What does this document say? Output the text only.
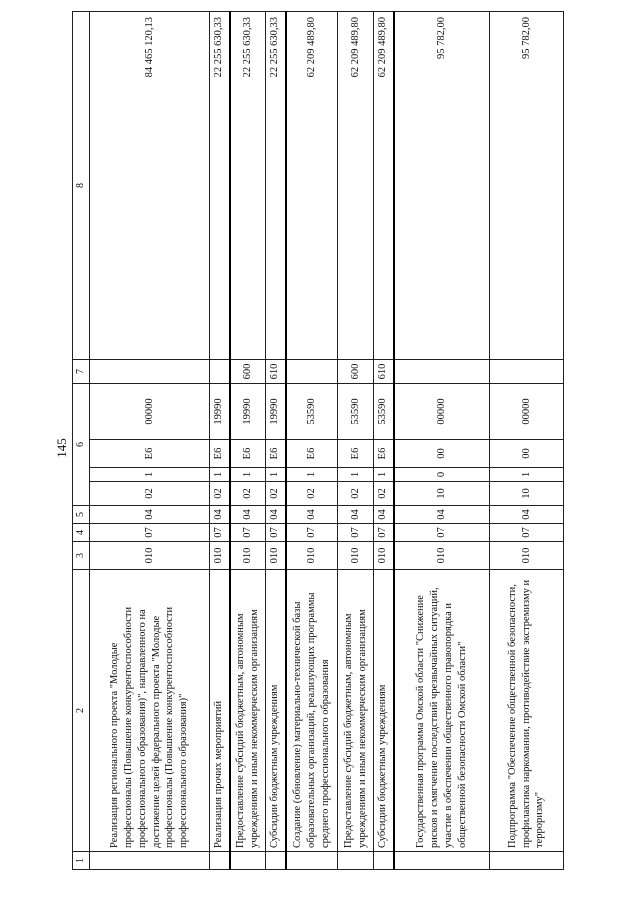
145
1	2	3	4	5	6				7	8
	Реализация регионального проекта "Молодые профессионалы (Повышение конкурентоспособности профессионального образования)", направленного на достижение целей федерального проекта "Молодые профессионалы (Повышение конкурентоспособности профессионального образования)"	010	07	04	02	1	Е6	00000		84 465 120,13
	Реализация прочих мероприятий	010	07	04	02	1	Е6	19990		22 255 630,33
	Предоставление субсидий бюджетным, автономным учреждениям и иным некоммерческим организациям	010	07	04	02	1	Е6	19990	600	22 255 630,33
	Субсидии бюджетным учреждениям	010	07	04	02	1	Е6	19990	610	22 255 630,33
	Создание (обновление) материально-технической базы образовательных организаций, реализующих программы среднего профессионального образования	010	07	04	02	1	Е6	53590		62 209 489,80
	Предоставление субсидий бюджетным, автономным учреждениям и иным некоммерческим организациям	010	07	04	02	1	Е6	53590	600	62 209 489,80
	Субсидии бюджетным учреждениям	010	07	04	02	1	Е6	53590	610	62 209 489,80
	Государственная программа Омской области "Снижение рисков и смягчение последствий чрезвычайных ситуаций, участие в обеспечении общественного правопорядка и общественной безопасности Омской области"	010	07	04	10	0	00	00000		95 782,00
	Подпрограмма "Обеспечение общественной безопасности, профилактика наркомании, противодействие экстремизму и терроризму"	010	07	04	10	1	00	00000		95 782,00
